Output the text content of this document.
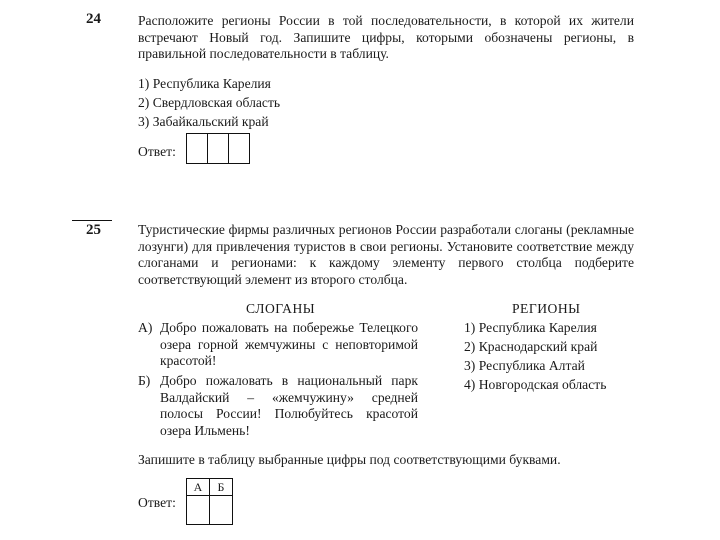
24	Расположите регионы России в той последовательности, в которой их жители встречают Новый год. Запишите цифры, которыми обозначены регионы, в правильной последовательности в таблицу.
1) Республика Карелия
2) Свердловская область
3) Забайкальский край
Ответ:
25	Туристические фирмы различных регионов России разработали слоганы (рекламные лозунги) для привлечения туристов в свои регионы. Установите соответствие между слоганами и регионами: к каждому элементу первого столбца подберите соответствующий элемент из второго столбца.
СЛОГАНЫ	РЕГИОНЫ
А) Добро пожаловать на побережье Телецкого озера горной жемчужины с неповторимой красотой!
Б) Добро пожаловать в национальный парк Валдайский – «жемчужину» средней полосы России! Полюбуйтесь красотой озера Ильмень!
1) Республика Карелия
2) Краснодарский край
3) Республика Алтай
4) Новгородская область
Запишите в таблицу выбранные цифры под соответствующими буквами.
Ответ:
А	Б
